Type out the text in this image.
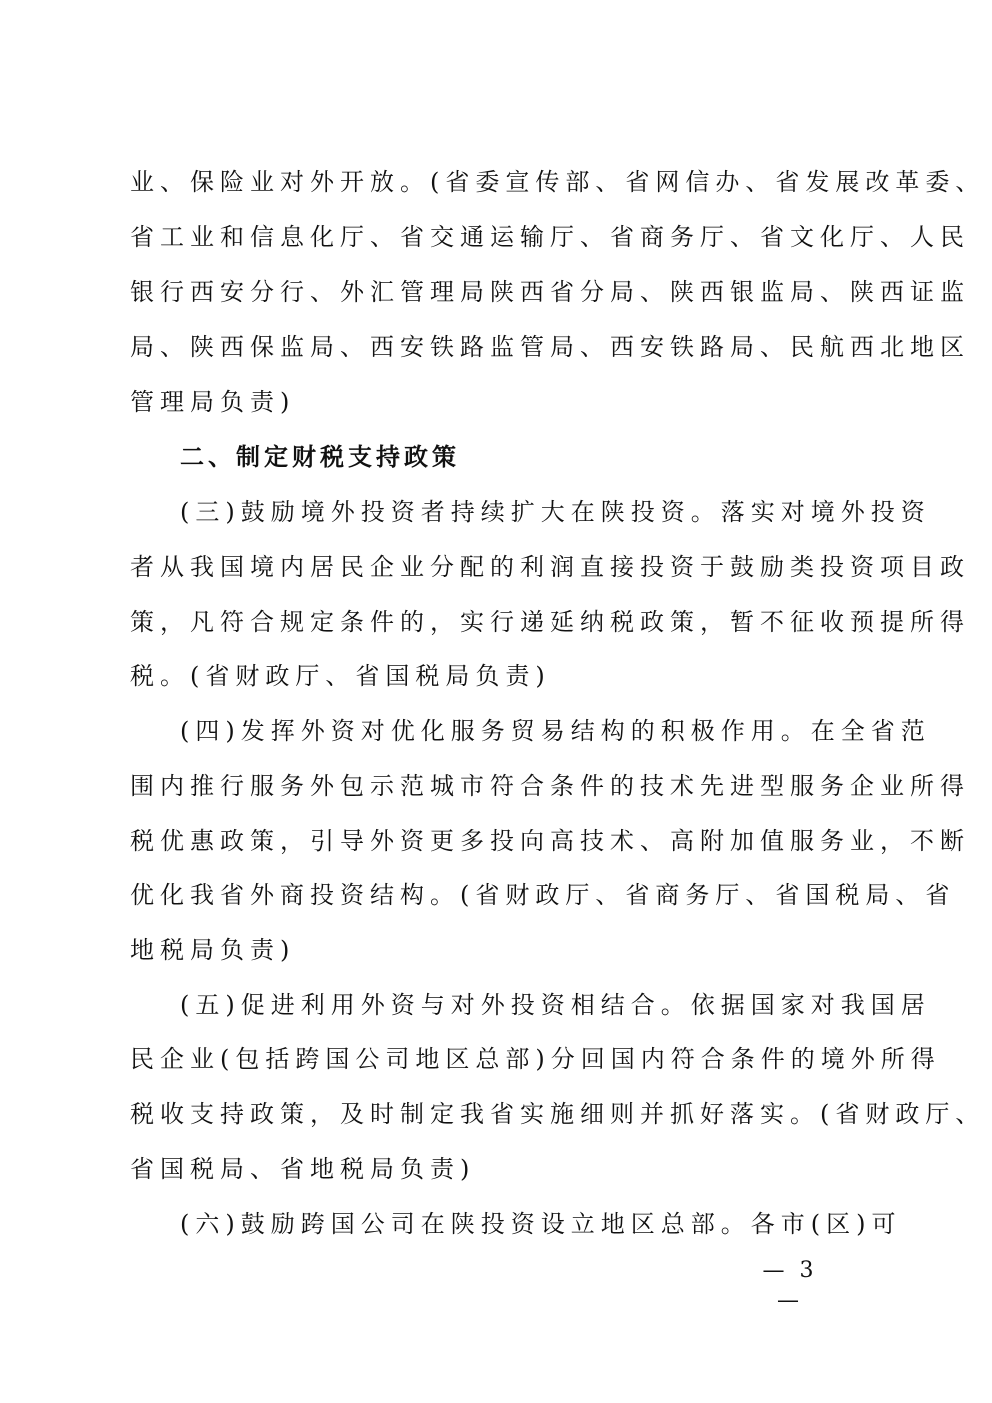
业、保险业对外开放。(省委宣传部、省网信办、省发展改革委、
省工业和信息化厅、省交通运输厅、省商务厅、省文化厅、人民
银行西安分行、外汇管理局陕西省分局、陕西银监局、陕西证监
局、陕西保监局、西安铁路监管局、西安铁路局、民航西北地区
管理局负责)
二、制定财税支持政策
(三)鼓励境外投资者持续扩大在陕投资。落实对境外投资
者从我国境内居民企业分配的利润直接投资于鼓励类投资项目政
策，凡符合规定条件的，实行递延纳税政策，暂不征收预提所得
税。(省财政厅、省国税局负责)
(四)发挥外资对优化服务贸易结构的积极作用。在全省范
围内推行服务外包示范城市符合条件的技术先进型服务企业所得
税优惠政策，引导外资更多投向高技术、高附加值服务业，不断
优化我省外商投资结构。(省财政厅、省商务厅、省国税局、省
地税局负责)
(五)促进利用外资与对外投资相结合。依据国家对我国居
民企业(包括跨国公司地区总部)分回国内符合条件的境外所得
税收支持政策，及时制定我省实施细则并抓好落实。(省财政厅、
省国税局、省地税局负责)
(六)鼓励跨国公司在陕投资设立地区总部。各市(区)可
— 3 —
